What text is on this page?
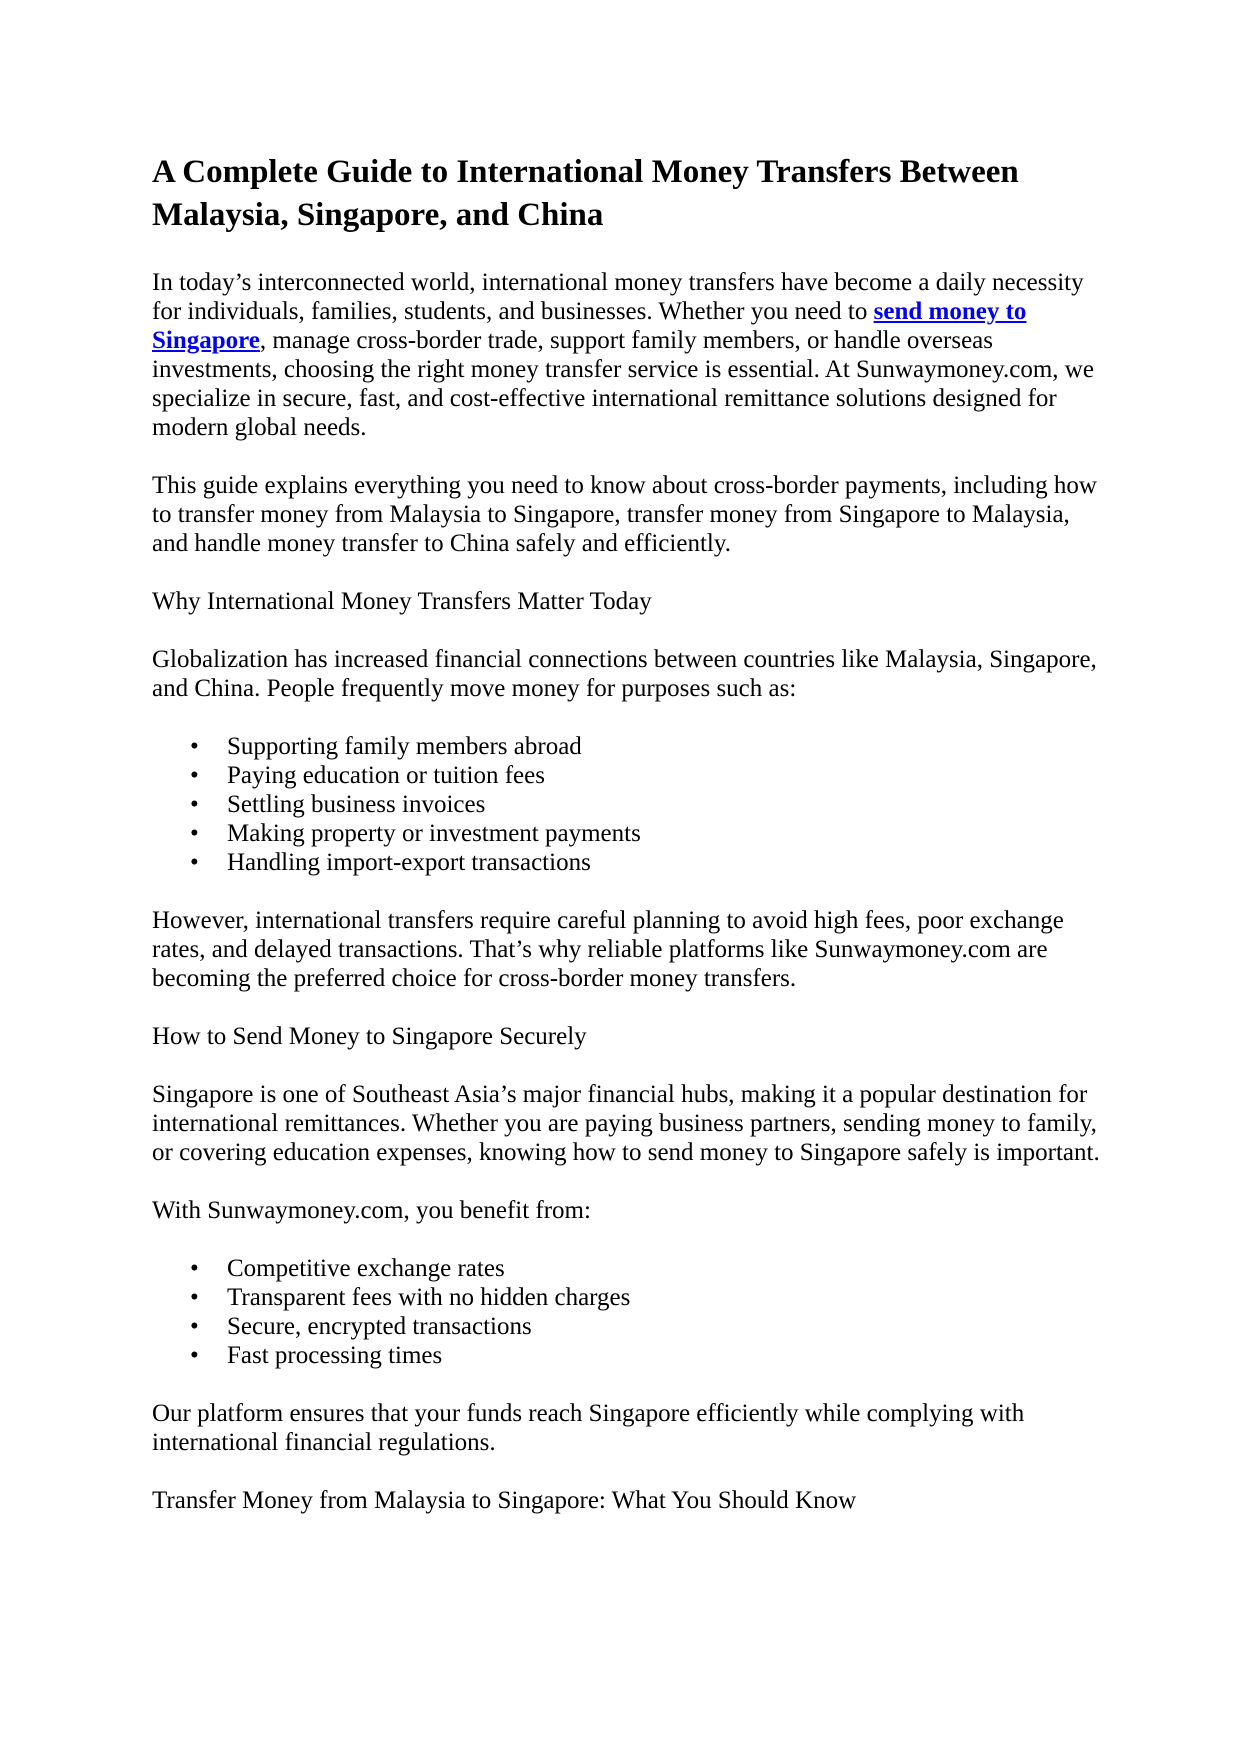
A Complete Guide to International Money Transfers Between Malaysia, Singapore, and China

In today’s interconnected world, international money transfers have become a daily necessity for individuals, families, students, and businesses. Whether you need to send money to Singapore, manage cross-border trade, support family members, or handle overseas investments, choosing the right money transfer service is essential. At Sunwaymoney.com, we specialize in secure, fast, and cost-effective international remittance solutions designed for modern global needs.

This guide explains everything you need to know about cross-border payments, including how to transfer money from Malaysia to Singapore, transfer money from Singapore to Malaysia, and handle money transfer to China safely and efficiently.

Why International Money Transfers Matter Today

Globalization has increased financial connections between countries like Malaysia, Singapore, and China. People frequently move money for purposes such as:

• Supporting family members abroad
• Paying education or tuition fees
• Settling business invoices
• Making property or investment payments
• Handling import-export transactions

However, international transfers require careful planning to avoid high fees, poor exchange rates, and delayed transactions. That’s why reliable platforms like Sunwaymoney.com are becoming the preferred choice for cross-border money transfers.

How to Send Money to Singapore Securely

Singapore is one of Southeast Asia’s major financial hubs, making it a popular destination for international remittances. Whether you are paying business partners, sending money to family, or covering education expenses, knowing how to send money to Singapore safely is important.

With Sunwaymoney.com, you benefit from:

• Competitive exchange rates
• Transparent fees with no hidden charges
• Secure, encrypted transactions
• Fast processing times

Our platform ensures that your funds reach Singapore efficiently while complying with international financial regulations.

Transfer Money from Malaysia to Singapore: What You Should Know
